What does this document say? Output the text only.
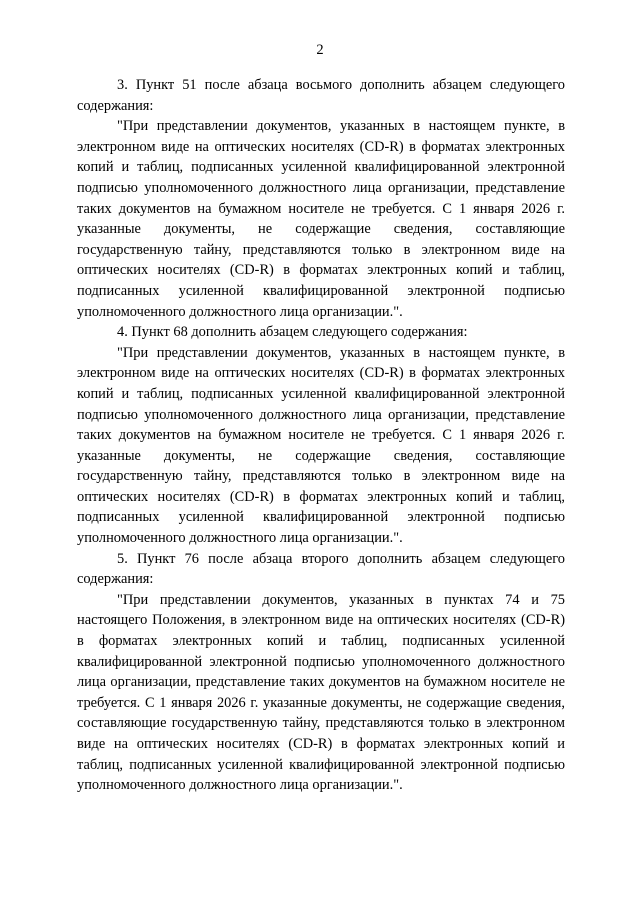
2

3. Пункт 51 после абзаца восьмого дополнить абзацем следующего содержания:

"При представлении документов, указанных в настоящем пункте, в электронном виде на оптических носителях (CD-R) в форматах электронных копий и таблиц, подписанных усиленной квалифицированной электронной подписью уполномоченного должностного лица организации, представление таких документов на бумажном носителе не требуется. С 1 января 2026 г. указанные документы, не содержащие сведения, составляющие государственную тайну, представляются только в электронном виде на оптических носителях (CD-R) в форматах электронных копий и таблиц, подписанных усиленной квалифицированной электронной подписью уполномоченного должностного лица организации.".

4. Пункт 68 дополнить абзацем следующего содержания:

"При представлении документов, указанных в настоящем пункте, в электронном виде на оптических носителях (CD-R) в форматах электронных копий и таблиц, подписанных усиленной квалифицированной электронной подписью уполномоченного должностного лица организации, представление таких документов на бумажном носителе не требуется. С 1 января 2026 г. указанные документы, не содержащие сведения, составляющие государственную тайну, представляются только в электронном виде на оптических носителях (CD-R) в форматах электронных копий и таблиц, подписанных усиленной квалифицированной электронной подписью уполномоченного должностного лица организации.".

5. Пункт 76 после абзаца второго дополнить абзацем следующего содержания:

"При представлении документов, указанных в пунктах 74 и 75 настоящего Положения, в электронном виде на оптических носителях (CD-R) в форматах электронных копий и таблиц, подписанных усиленной квалифицированной электронной подписью уполномоченного должностного лица организации, представление таких документов на бумажном носителе не требуется. С 1 января 2026 г. указанные документы, не содержащие сведения, составляющие государственную тайну, представляются только в электронном виде на оптических носителях (CD-R) в форматах электронных копий и таблиц, подписанных усиленной квалифицированной электронной подписью уполномоченного должностного лица организации.".
